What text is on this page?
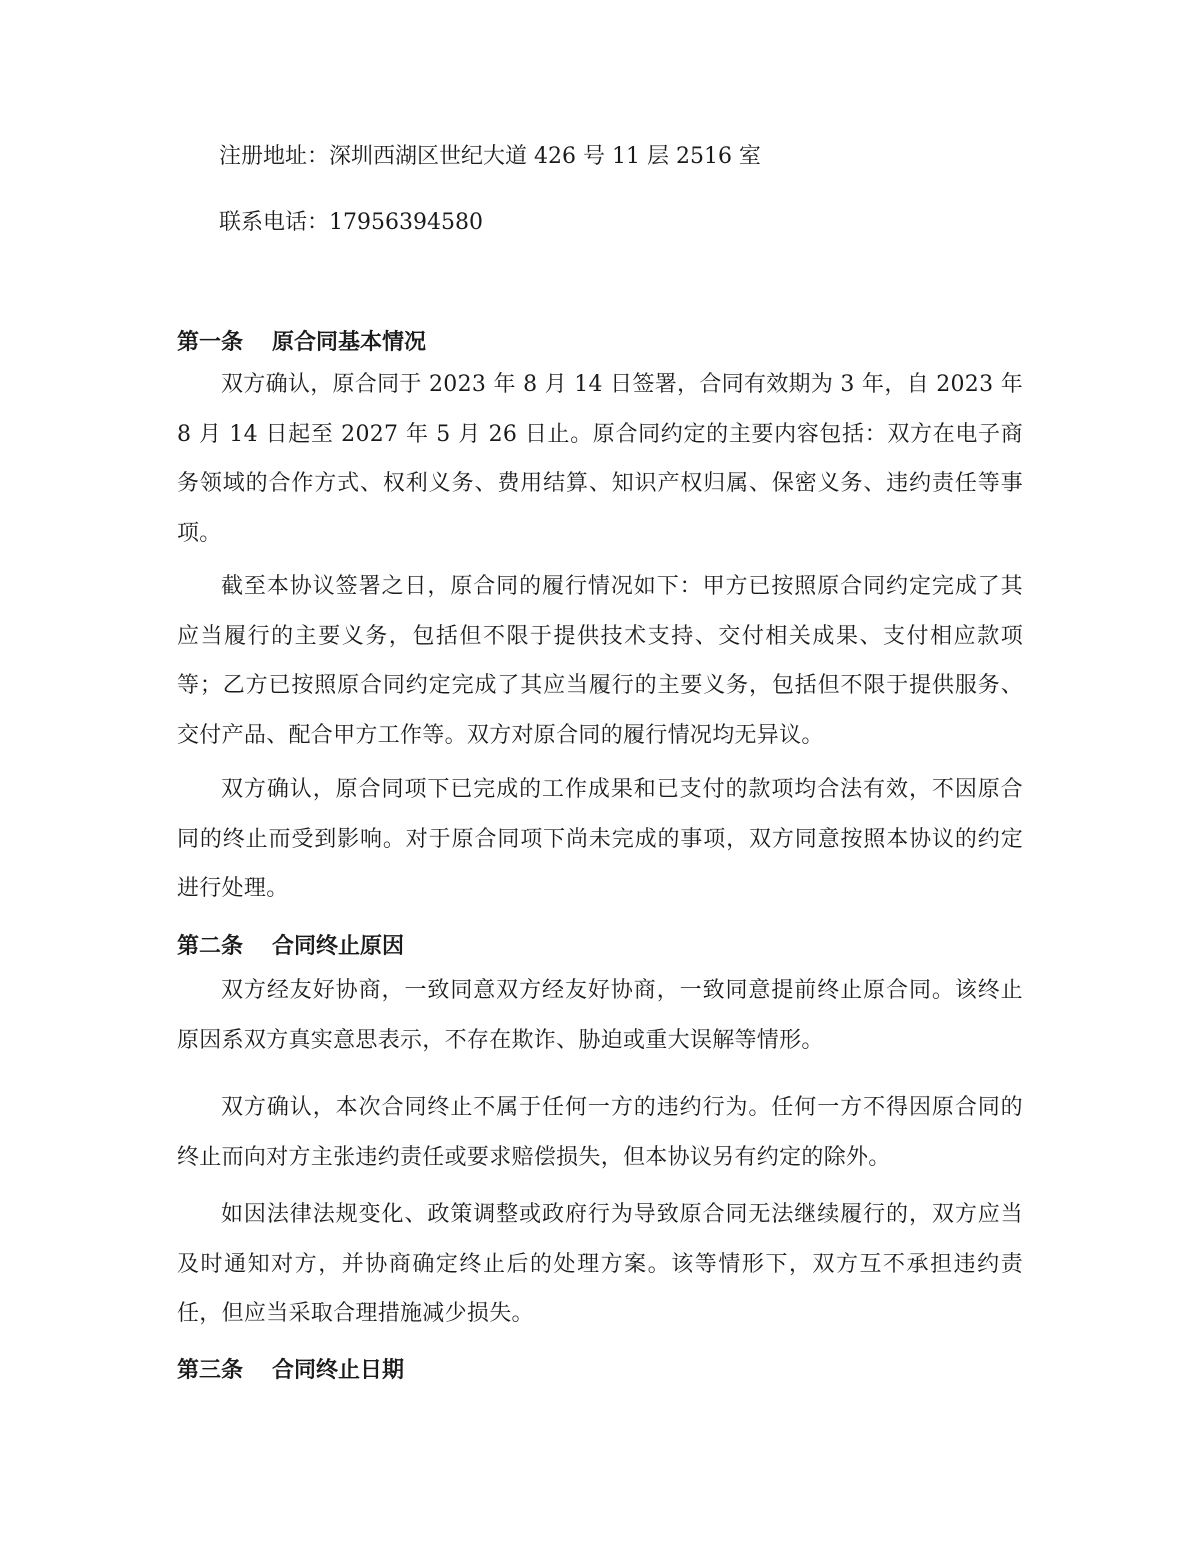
注册地址：深圳西湖区世纪大道 426 号 11 层 2516 室
联系电话：17956394580
第一条 原合同基本情况

双方确认，原合同于 2023 年 8 月 14 日签署，合同有效期为 3 年，自 2023 年 8 月 14 日起至 2027 年 5 月 26 日止。原合同约定的主要内容包括：双方在电子商务领域的合作方式、权利义务、费用结算、知识产权归属、保密义务、违约责任等事项。

截至本协议签署之日，原合同的履行情况如下：甲方已按照原合同约定完成了其应当履行的主要义务，包括但不限于提供技术支持、交付相关成果、支付相应款项等；乙方已按照原合同约定完成了其应当履行的主要义务，包括但不限于提供服务、交付产品、配合甲方工作等。双方对原合同的履行情况均无异议。

双方确认，原合同项下已完成的工作成果和已支付的款项均合法有效，不因原合同的终止而受到影响。对于原合同项下尚未完成的事项，双方同意按照本协议的约定进行处理。

第二条 合同终止原因

双方经友好协商，一致同意双方经友好协商，一致同意提前终止原合同。该终止原因系双方真实意思表示，不存在欺诈、胁迫或重大误解等情形。

双方确认，本次合同终止不属于任何一方的违约行为。任何一方不得因原合同的终止而向对方主张违约责任或要求赔偿损失，但本协议另有约定的除外。

如因法律法规变化、政策调整或政府行为导致原合同无法继续履行的，双方应当及时通知对方，并协商确定终止后的处理方案。该等情形下，双方互不承担违约责任，但应当采取合理措施减少损失。

第三条 合同终止日期
